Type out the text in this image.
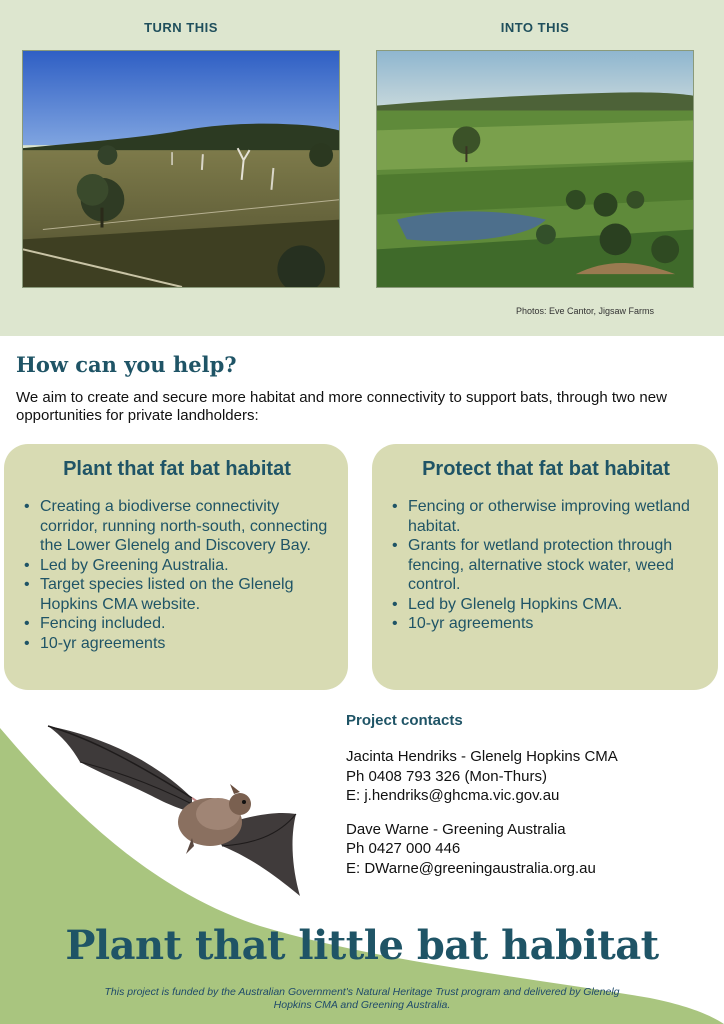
TURN THIS	INTO THIS
Photos: Eve Cantor, Jigsaw Farms
How can you help?

We aim to create and secure more habitat and more connectivity to support bats, through two new opportunities for private landholders:

Plant that fat bat habitat
• Creating a biodiverse connectivity corridor, running north-south, connecting the Lower Glenelg and Discovery Bay.
• Led by Greening Australia.
• Target species listed on the Glenelg Hopkins CMA website.
• Fencing included.
• 10-yr agreements
Protect that fat bat habitat
• Fencing or otherwise improving wetland habitat.
• Grants for wetland protection through fencing, alternative stock water, weed control.
• Led by Glenelg Hopkins CMA.
• 10-yr agreements
Project contacts
Jacinta Hendriks - Glenelg Hopkins CMA
Ph 0408 793 326 (Mon-Thurs)
E: j.hendriks@ghcma.vic.gov.au
Dave Warne - Greening Australia
Ph 0427 000 446
E: DWarne@greeningaustralia.org.au
Plant that little bat habitat
This project is funded by the Australian Government's Natural Heritage Trust program and delivered by Glenelg Hopkins CMA and Greening Australia.
